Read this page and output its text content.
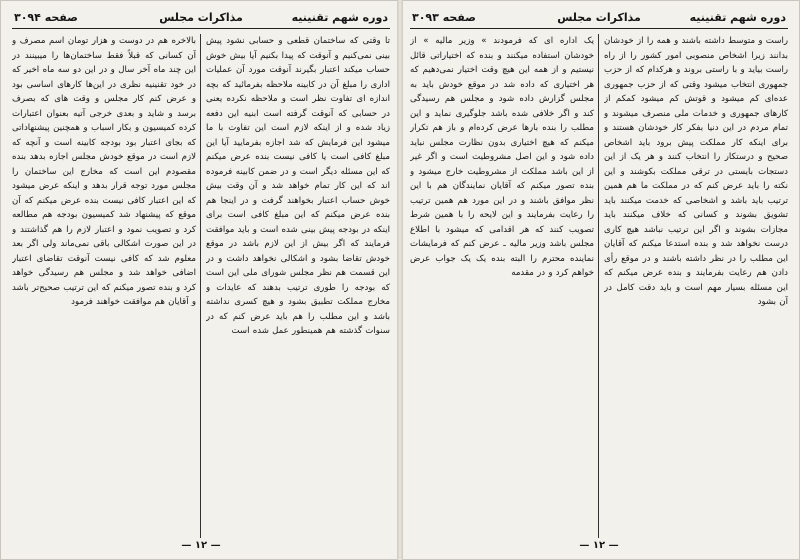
دوره شهم تقنینیه
مذاکرات مجلس
صفحه ۳۰۹۴
تا وقتی که ساختمان قطعی و حسابی نشود پیش بینی نمی‌کنیم و آنوقت که پیدا بکنیم آیا بیش خوش حساب میکند اعتبار بگیرند آنوقت مورد آن عملیات اداری را مبلغ آن در کابینه ملاحظه بفرمائید که بچه اندازه ای تفاوت نظر است و ملاحظه نکرده یعنی در حسابی که آنوقت گرفته است ابنیه این دفعه زیاد شده و از اینکه لازم است این تفاوت با ما میشود این فرمایش که شد اجازه بفرمایید آیا این مبلغ کافی است یا کافی نیست بنده عرض میکنم که این مسئله دیگر است و در ضمن کابینه فرموده اند که این کار تمام خواهد شد و آن وقت بیش خوش حساب اعتبار بخواهند گرفت و در اینجا هم بنده عرض میکنم که این مبلغ کافی است برای اینکه در بودجه پیش بینی شده است و باید موافقت فرمایند که اگر بیش از این لازم باشد در موقع خودش تقاضا بشود و اشکالی نخواهد داشت و در این قسمت هم نظر مجلس شورای ملی این است که بودجه را طوری ترتیب بدهند که عایدات و مخارج مملکت تطبیق بشود و هیچ کسری نداشته باشد و این مطلب را هم باید عرض کنم که در سنوات گذشته هم همینطور عمل شده است
بالاخره هم در دوست و هزار تومان اسم مصرف و آن کسانی که قبلاً فقط ساختمان‌ها را میبینند در این چند ماه آخر سال و در این دو سه ماه اخیر که در خود تقنینیه نظری در این‌ها کارهای اساسی بود و عرض کنم کار مجلس و وقت های که بصرف برسد و شاید و بعدی خرجی آتیه بعنوان اعتبارات کرده کمیسیون و بکار اسباب و همچنین پیشنهاداتی که بجای اعتبار بود بودجه کابینه است و آنچه که لازم است در موقع خودش مجلس اجازه بدهد بنده مقصودم این است که مخارج این ساختمان را مجلس مورد توجه قرار بدهد و اینکه عرض میشود که این اعتبار کافی نیست بنده عرض میکنم که آن موقع که پیشنهاد شد کمیسیون بودجه هم مطالعه کرد و تصویب نمود و اعتبار لازم را هم گذاشتند و در این صورت اشکالی باقی نمی‌ماند ولی اگر بعد معلوم شد که کافی نیست آنوقت تقاضای اعتبار اضافی خواهد شد و مجلس هم رسیدگی خواهد کرد و بنده تصور میکنم که این ترتیب صحیح‌تر باشد و آقایان هم موافقت خواهند فرمود
— ۱۲ —
دوره شهم تقنینیه
مذاکرات مجلس
صفحه ۳۰۹۳
راست و متوسط داشته باشند و همه را از خودشان بدانند زیرا اشخاص منصوبی امور کشور را از راه راست بیاید و با راستی بروند و هرکدام که از حزب جمهوری انتخاب میشود وقتی که از حزب جمهوری عده‌ای کم میشود و قوتش کم میشود کمکم از کارهای جمهوری و خدمات ملی منصرف میشوند و تمام مردم در این دنیا بفکر کار خودشان هستند و برای اینکه کار مملکت پیش برود باید اشخاص صحیح و درستکار را انتخاب کنند و هر یک از این دستجات بایستی در ترقی مملکت بکوشند و این نکته را باید عرض کنم که در مملکت ما هم همین ترتیب باید باشد و اشخاصی که خدمت میکنند باید تشویق بشوند و کسانی که خلاف میکنند باید مجازات بشوند و اگر این ترتیب نباشد هیچ کاری درست نخواهد شد و بنده استدعا میکنم که آقایان این مطلب را در نظر داشته باشند و در موقع رأی دادن هم رعایت بفرمایند و بنده عرض میکنم که این مسئله بسیار مهم است و باید دقت کامل در آن بشود
یک اداره ای که فرمودند » وزیر مالیه » از خودشان استفاده میکنند و بنده که اختیاراتی قائل نیستیم و از همه این هیچ وقت اختیار نمی‌دهیم که هر اختیاری که داده شد در موقع خودش باید به مجلس گزارش داده شود و مجلس هم رسیدگی کند و اگر خلافی شده باشد جلوگیری نماید و این مطلب را بنده بارها عرض کرده‌ام و باز هم تکرار میکنم که هیچ اختیاری بدون نظارت مجلس نباید داده شود و این اصل مشروطیت است و اگر غیر از این باشد مملکت از مشروطیت خارج میشود و بنده تصور میکنم که آقایان نمایندگان هم با این نظر موافق باشند و در این مورد هم همین ترتیب را رعایت بفرمایند و این لایحه را با همین شرط تصویب کنند که هر اقدامی که میشود با اطلاع مجلس باشد وزیر مالیه ـ عرض کنم که فرمایشات نماینده محترم را البته بنده یک یک جواب عرض خواهم کرد و در مقدمه
— ۱۲ —
